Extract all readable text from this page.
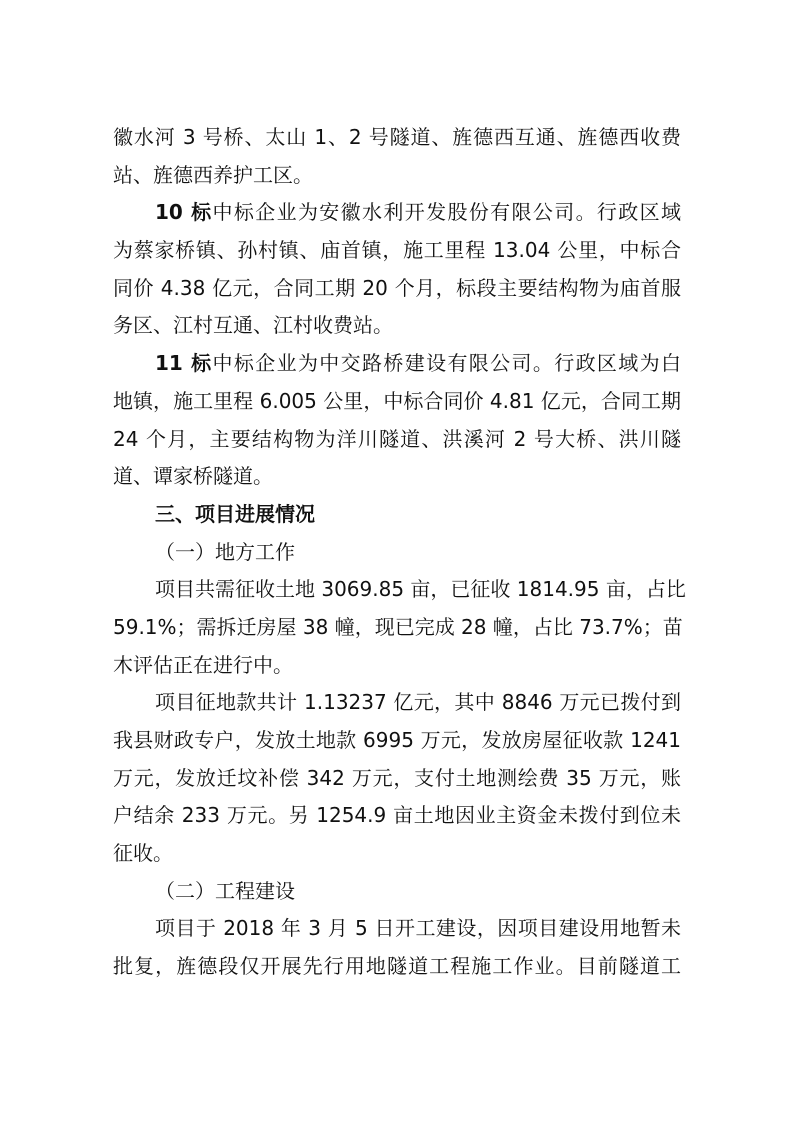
徽水河 3 号桥、太山 1、2 号隧道、旌德西互通、旌德西收费
站、旌德西养护工区。
10 标中标企业为安徽水利开发股份有限公司。行政区域
为蔡家桥镇、孙村镇、庙首镇，施工里程 13.04 公里，中标合
同价 4.38 亿元，合同工期 20 个月，标段主要结构物为庙首服
务区、江村互通、江村收费站。
11 标中标企业为中交路桥建设有限公司。行政区域为白
地镇，施工里程 6.005 公里，中标合同价 4.81 亿元，合同工期
24 个月，主要结构物为洋川隧道、洪溪河 2 号大桥、洪川隧
道、谭家桥隧道。
三、项目进展情况
（一）地方工作
项目共需征收土地 3069.85 亩，已征收 1814.95 亩，占比
59.1%；需拆迁房屋 38 幢，现已完成 28 幢，占比 73.7%；苗
木评估正在进行中。
项目征地款共计 1.13237 亿元，其中 8846 万元已拨付到
我县财政专户，发放土地款 6995 万元，发放房屋征收款 1241
万元，发放迁坟补偿 342 万元，支付土地测绘费 35 万元，账
户结余 233 万元。另 1254.9 亩土地因业主资金未拨付到位未
征收。
（二）工程建设
项目于 2018 年 3 月 5 日开工建设，因项目建设用地暂未
批复，旌德段仅开展先行用地隧道工程施工作业。目前隧道工
